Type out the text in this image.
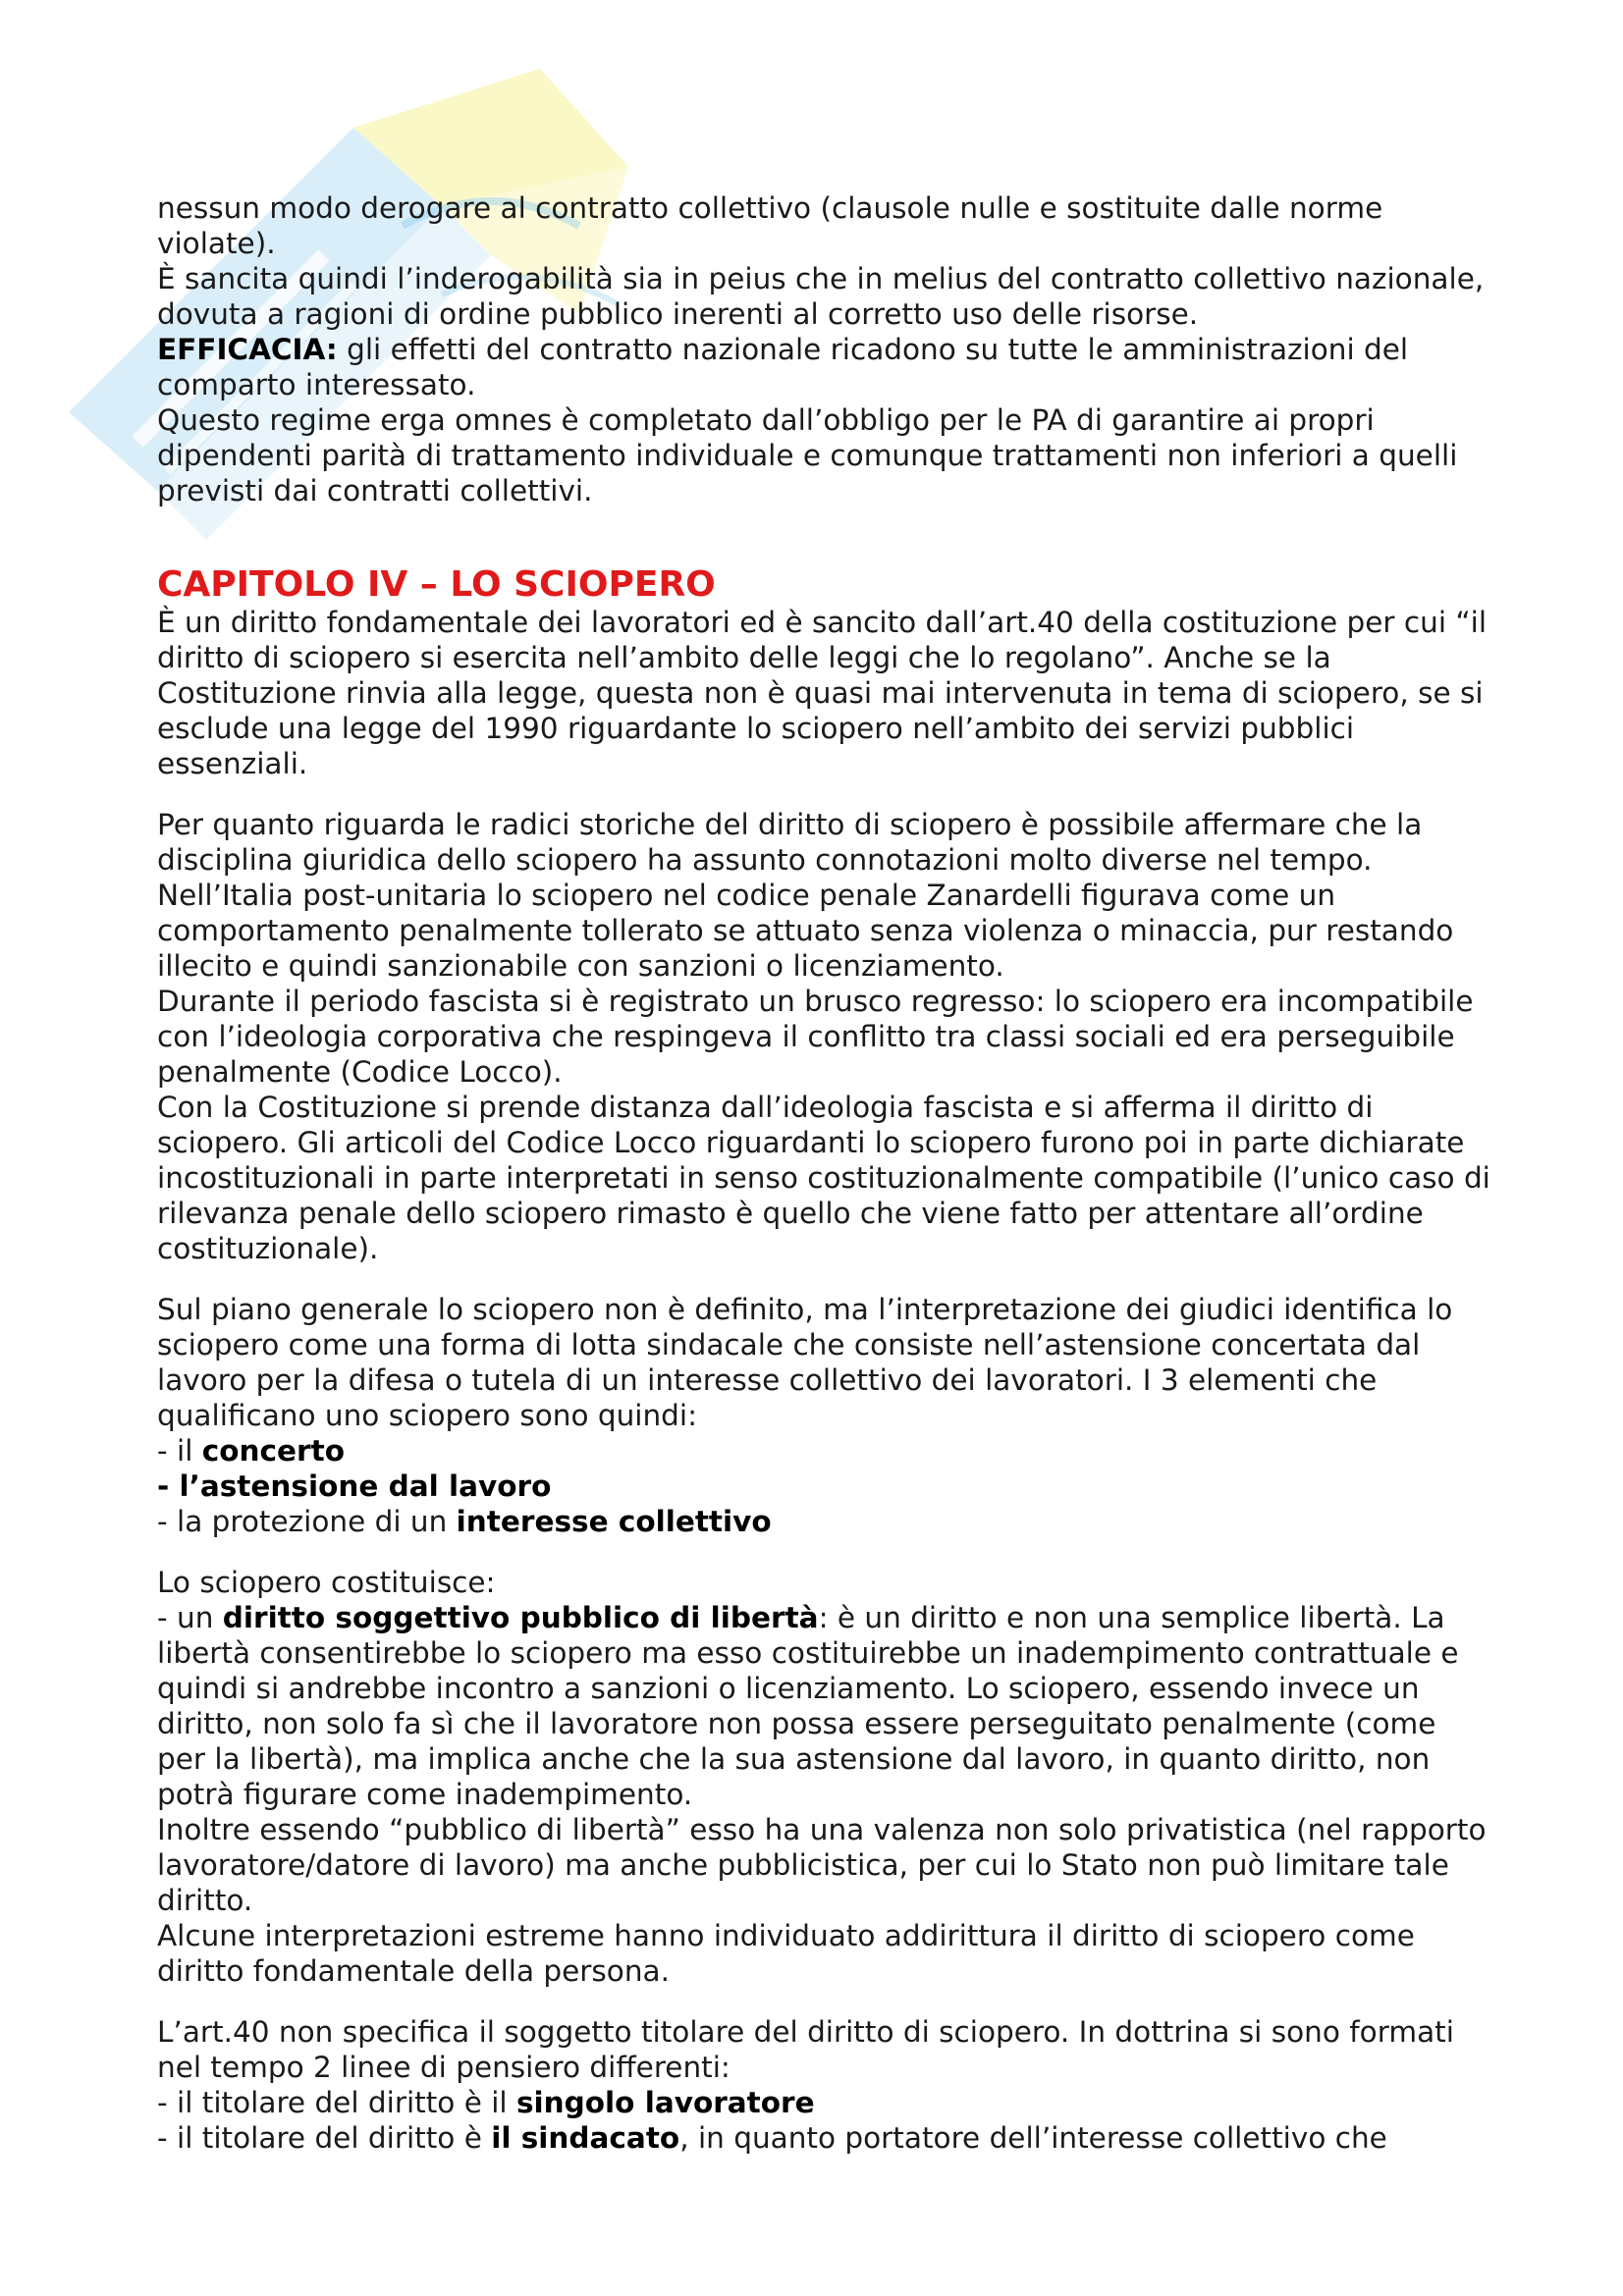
nessun modo derogare al contratto collettivo (clausole nulle e sostituite dalle norme violate).

È sancita quindi l’inderogabilità sia in peius che in melius del contratto collettivo nazionale, dovuta a ragioni di ordine pubblico inerenti al corretto uso delle risorse.

EFFICACIA: gli effetti del contratto nazionale ricadono su tutte le amministrazioni del comparto interessato.

Questo regime erga omnes è completato dall’obbligo per le PA di garantire ai propri dipendenti parità di trattamento individuale e comunque trattamenti non inferiori a quelli previsti dai contratti collettivi.

CAPITOLO IV – LO SCIOPERO

È un diritto fondamentale dei lavoratori ed è sancito dall’art.40 della costituzione per cui “il diritto di sciopero si esercita nell’ambito delle leggi che lo regolano”. Anche se la Costituzione rinvia alla legge, questa non è quasi mai intervenuta in tema di sciopero, se si esclude una legge del 1990 riguardante lo sciopero nell’ambito dei servizi pubblici essenziali.

Per quanto riguarda le radici storiche del diritto di sciopero è possibile affermare che la disciplina giuridica dello sciopero ha assunto connotazioni molto diverse nel tempo.

Nell’Italia post-unitaria lo sciopero nel codice penale Zanardelli figurava come un comportamento penalmente tollerato se attuato senza violenza o minaccia, pur restando illecito e quindi sanzionabile con sanzioni o licenziamento.

Durante il periodo fascista si è registrato un brusco regresso: lo sciopero era incompatibile con l’ideologia corporativa che respingeva il conflitto tra classi sociali ed era perseguibile penalmente (Codice Locco).

Con la Costituzione si prende distanza dall’ideologia fascista e si afferma il diritto di sciopero. Gli articoli del Codice Locco riguardanti lo sciopero furono poi in parte dichiarate incostituzionali in parte interpretati in senso costituzionalmente compatibile (l’unico caso di rilevanza penale dello sciopero rimasto è quello che viene fatto per attentare all’ordine costituzionale).

Sul piano generale lo sciopero non è definito, ma l’interpretazione dei giudici identifica lo sciopero come una forma di lotta sindacale che consiste nell’astensione concertata dal lavoro per la difesa o tutela di un interesse collettivo dei lavoratori. I 3 elementi che qualificano uno sciopero sono quindi:

- il concerto

- l’astensione dal lavoro

- la protezione di un interesse collettivo

Lo sciopero costituisce:

- un diritto soggettivo pubblico di libertà: è un diritto e non una semplice libertà. La libertà consentirebbe lo sciopero ma esso costituirebbe un inadempimento contrattuale e quindi si andrebbe incontro a sanzioni o licenziamento. Lo sciopero, essendo invece un diritto, non solo fa sì che il lavoratore non possa essere perseguitato penalmente (come per la libertà), ma implica anche che la sua astensione dal lavoro, in quanto diritto, non potrà figurare come inadempimento.

Inoltre essendo “pubblico di libertà” esso ha una valenza non solo privatistica (nel rapporto lavoratore/datore di lavoro) ma anche pubblicistica, per cui lo Stato non può limitare tale diritto.

Alcune interpretazioni estreme hanno individuato addirittura il diritto di sciopero come diritto fondamentale della persona.

L’art.40 non specifica il soggetto titolare del diritto di sciopero. In dottrina si sono formati nel tempo 2 linee di pensiero differenti:

- il titolare del diritto è il singolo lavoratore

- il titolare del diritto è il sindacato, in quanto portatore dell’interesse collettivo che
